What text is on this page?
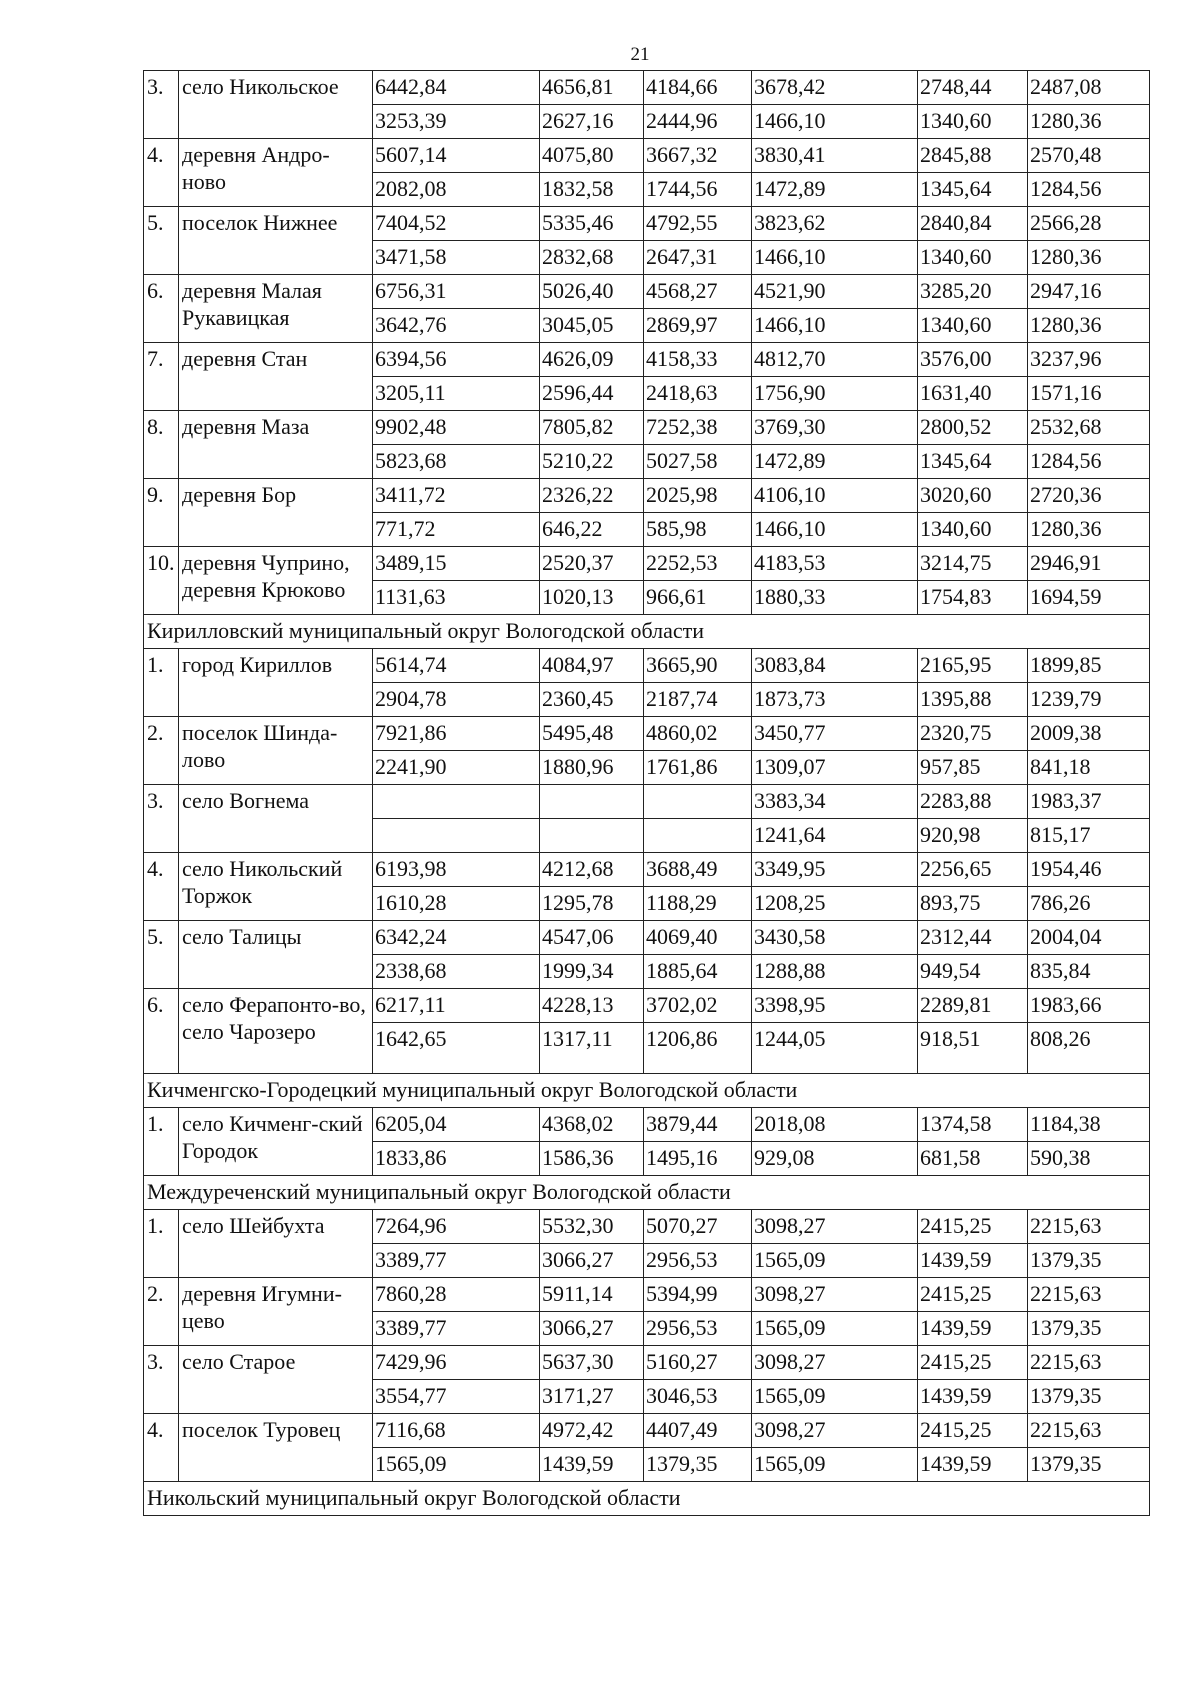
21
3.	село Никольское	6442,84	4656,81	4184,66	3678,42	2748,44	2487,08
		3253,39	2627,16	2444,96	1466,10	1340,60	1280,36
4.	деревня Андро-ново	5607,14	4075,80	3667,32	3830,41	2845,88	2570,48
		2082,08	1832,58	1744,56	1472,89	1345,64	1284,56
5.	поселок Нижнее	7404,52	5335,46	4792,55	3823,62	2840,84	2566,28
		3471,58	2832,68	2647,31	1466,10	1340,60	1280,36
6.	деревня Малая Рукавицкая	6756,31	5026,40	4568,27	4521,90	3285,20	2947,16
		3642,76	3045,05	2869,97	1466,10	1340,60	1280,36
7.	деревня Стан	6394,56	4626,09	4158,33	4812,70	3576,00	3237,96
		3205,11	2596,44	2418,63	1756,90	1631,40	1571,16
8.	деревня Маза	9902,48	7805,82	7252,38	3769,30	2800,52	2532,68
		5823,68	5210,22	5027,58	1472,89	1345,64	1284,56
9.	деревня Бор	3411,72	2326,22	2025,98	4106,10	3020,60	2720,36
		771,72	646,22	585,98	1466,10	1340,60	1280,36
10.	деревня Чуприно, деревня Крюково	3489,15	2520,37	2252,53	4183,53	3214,75	2946,91
		1131,63	1020,13	966,61	1880,33	1754,83	1694,59
Кирилловский муниципальный округ Вологодской области							
1.	город Кириллов	5614,74	4084,97	3665,90	3083,84	2165,95	1899,85
		2904,78	2360,45	2187,74	1873,73	1395,88	1239,79
2.	поселок Шинда-лово	7921,86	5495,48	4860,02	3450,77	2320,75	2009,38
		2241,90	1880,96	1761,86	1309,07	957,85	841,18
3.	село Вогнема				3383,34	2283,88	1983,37
					1241,64	920,98	815,17
4.	село Никольский Торжок	6193,98	4212,68	3688,49	3349,95	2256,65	1954,46
		1610,28	1295,78	1188,29	1208,25	893,75	786,26
5.	село Талицы	6342,24	4547,06	4069,40	3430,58	2312,44	2004,04
		2338,68	1999,34	1885,64	1288,88	949,54	835,84
6.	село Ферапонто-во, село Чарозеро	6217,11	4228,13	3702,02	3398,95	2289,81	1983,66
		1642,65	1317,11	1206,86	1244,05	918,51	808,26
Кичменгско-Городецкий муниципальный округ Вологодской области							
1.	село Кичменг-ский Городок	6205,04	4368,02	3879,44	2018,08	1374,58	1184,38
		1833,86	1586,36	1495,16	929,08	681,58	590,38
Междуреченский муниципальный округ Вологодской области							
1.	село Шейбухта	7264,96	5532,30	5070,27	3098,27	2415,25	2215,63
		3389,77	3066,27	2956,53	1565,09	1439,59	1379,35
2.	деревня Игумни-цево	7860,28	5911,14	5394,99	3098,27	2415,25	2215,63
		3389,77	3066,27	2956,53	1565,09	1439,59	1379,35
3.	село Старое	7429,96	5637,30	5160,27	3098,27	2415,25	2215,63
		3554,77	3171,27	3046,53	1565,09	1439,59	1379,35
4.	поселок Туровец	7116,68	4972,42	4407,49	3098,27	2415,25	2215,63
		1565,09	1439,59	1379,35	1565,09	1439,59	1379,35
Никольский муниципальный округ Вологодской области							
